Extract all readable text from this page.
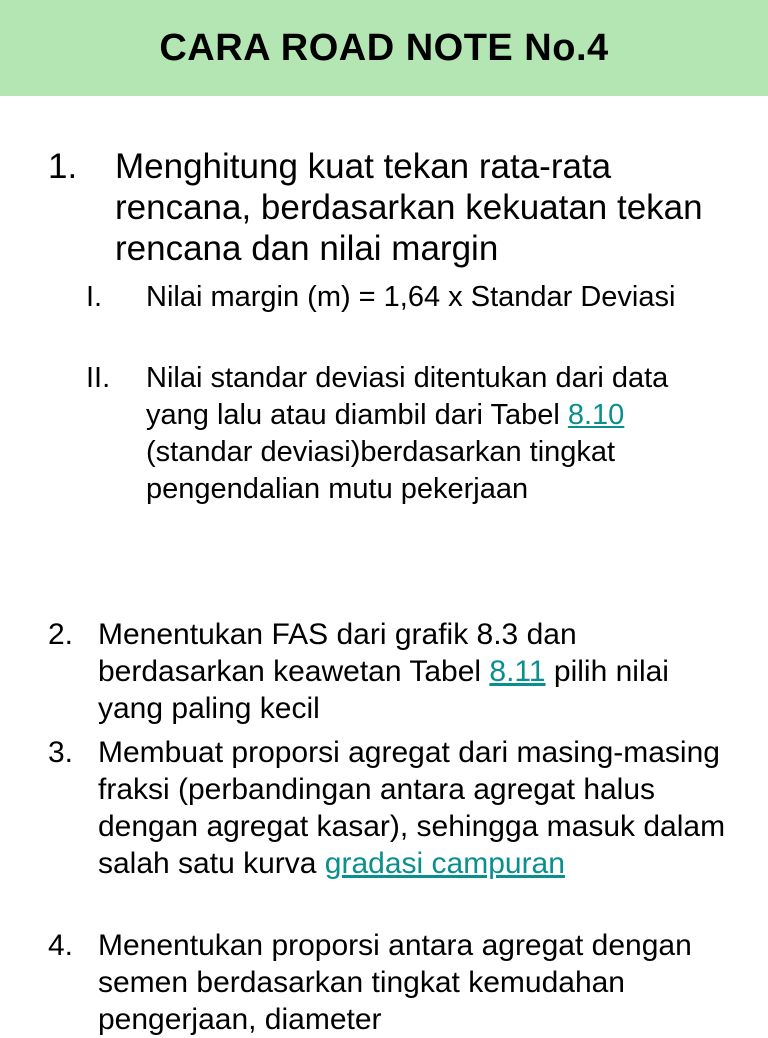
CARA ROAD NOTE No.4
1.	Menghitung kuat tekan rata-rata rencana, berdasarkan kekuatan tekan rencana dan nilai margin
I.	Nilai margin (m) = 1,64 x Standar Deviasi
II.	Nilai standar deviasi ditentukan dari data yang lalu atau diambil dari Tabel 8.10 (standar deviasi)berdasarkan tingkat pengendalian mutu pekerjaan
2. Menentukan FAS dari grafik 8.3 dan berdasarkan keawetan Tabel 8.11 pilih nilai yang paling kecil
3. Membuat proporsi agregat dari masing-masing fraksi (perbandingan antara agregat halus dengan agregat kasar), sehingga masuk dalam salah satu kurva gradasi campuran
4. Menentukan proporsi antara agregat dengan semen berdasarkan tingkat kemudahan pengerjaan, diameter
